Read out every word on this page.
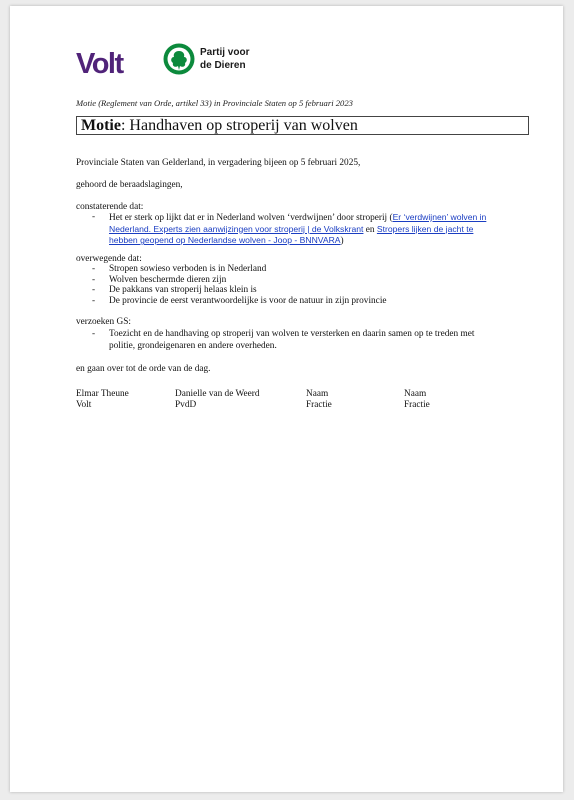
Volt	Partij voor
de Dieren
Motie (Reglement van Orde, artikel 33) in Provinciale Staten op 5 februari 2023
Motie: Handhaven op stroperij van wolven
Provinciale Staten van Gelderland, in vergadering bijeen op 5 februari 2025,
gehoord de beraadslagingen,
constaterende dat:
- Het er sterk op lijkt dat er in Nederland wolven ‘verdwijnen’ door stroperij (Er ‘verdwijnen’ wolven in Nederland. Experts zien aanwijzingen voor stroperij | de Volkskrant en Stropers lijken de jacht te hebben geopend op Nederlandse wolven - Joop - BNNVARA)
overwegende dat:
- Stropen sowieso verboden is in Nederland
- Wolven beschermde dieren zijn
- De pakkans van stroperij helaas klein is
- De provincie de eerst verantwoordelijke is voor de natuur in zijn provincie
verzoeken GS:
- Toezicht en de handhaving op stroperij van wolven te versterken en daarin samen op te treden met politie, grondeigenaren en andere overheden.
en gaan over tot de orde van de dag.
Elmar Theune
Volt
Danielle van de Weerd
PvdD
Naam
Fractie
Naam
Fractie
